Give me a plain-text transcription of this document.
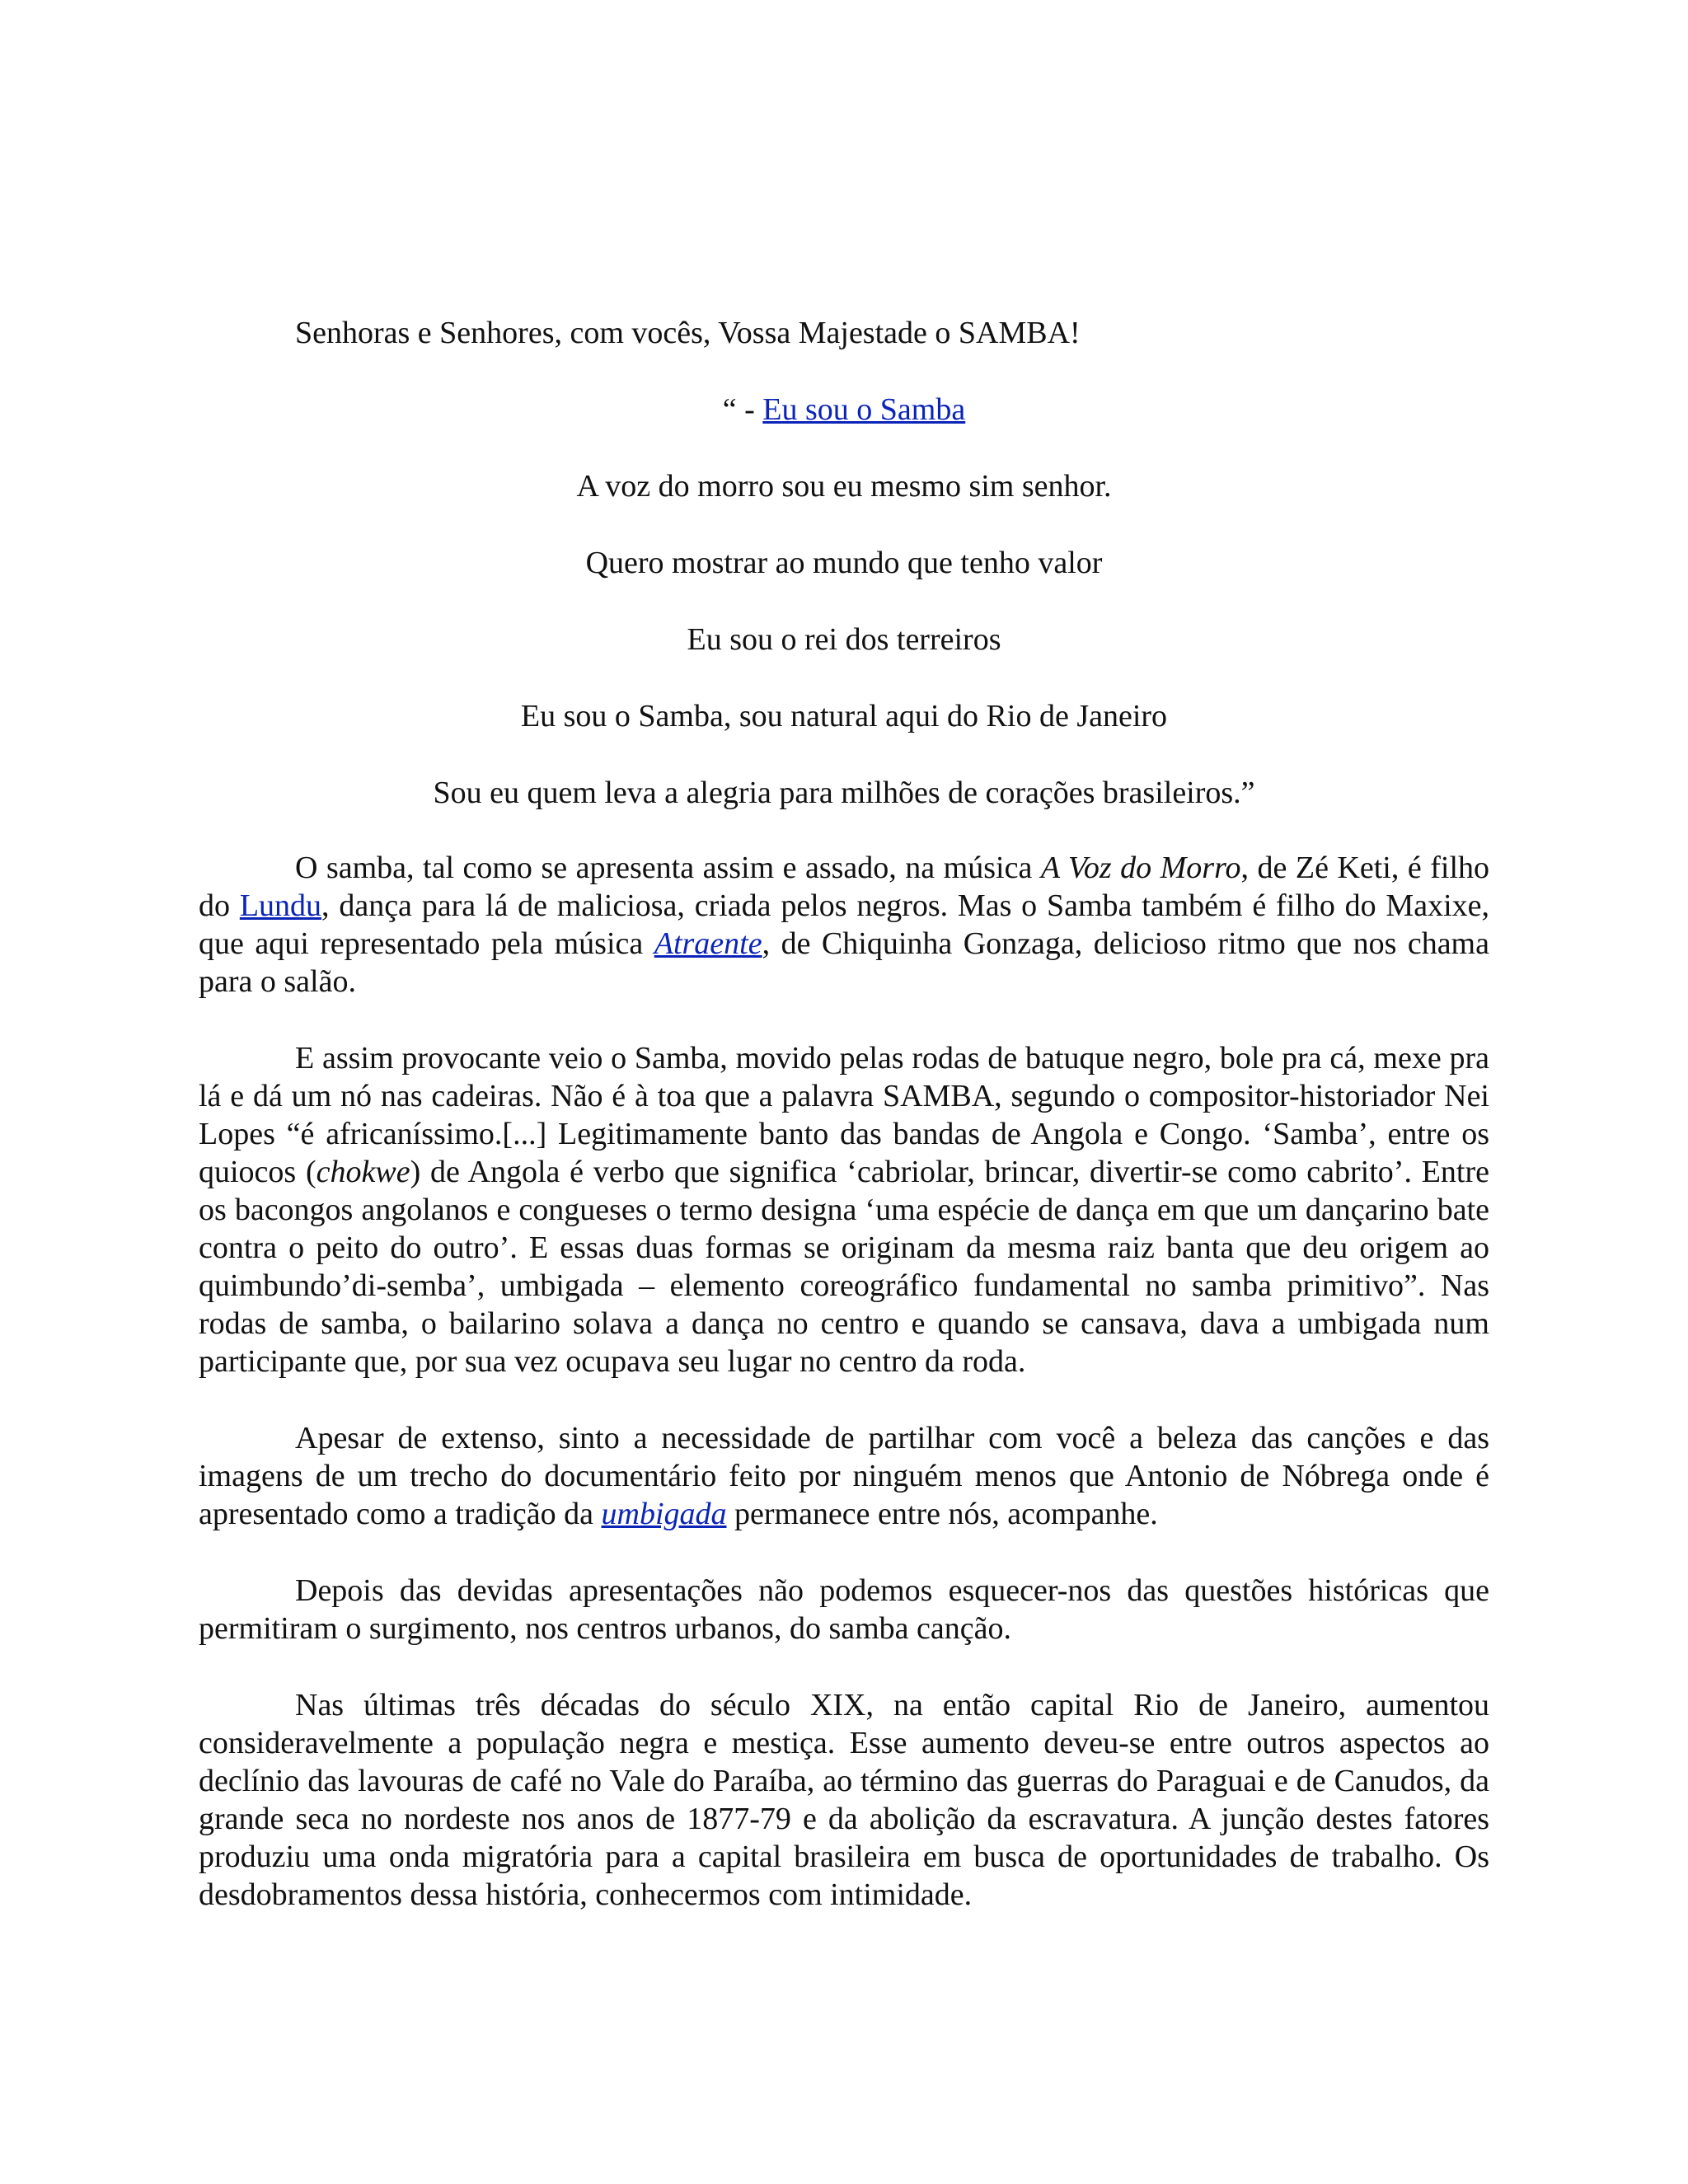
Senhoras e Senhores, com vocês, Vossa Majestade o SAMBA!

“ - Eu sou o Samba

A voz do morro sou eu mesmo sim senhor.

Quero mostrar ao mundo que tenho valor

Eu sou o rei dos terreiros

Eu sou o Samba, sou natural aqui do Rio de Janeiro

Sou eu quem leva a alegria para milhões de corações brasileiros.”

O samba, tal como se apresenta assim e assado, na música A Voz do Morro, de Zé Keti, é filho do Lundu, dança para lá de maliciosa, criada pelos negros. Mas o Samba também é filho do Maxixe, que aqui representado pela música Atraente, de Chiquinha Gonzaga, delicioso ritmo que nos chama para o salão.

E assim provocante veio o Samba, movido pelas rodas de batuque negro, bole pra cá, mexe pra lá e dá um nó nas cadeiras. Não é à toa que a palavra SAMBA, segundo o compositor-historiador Nei Lopes “é africaníssimo.[...] Legitimamente banto das bandas de Angola e Congo. ‘Samba’, entre os quiocos (chokwe) de Angola é verbo que significa ‘cabriolar, brincar, divertir-se como cabrito’. Entre os bacongos angolanos e congueses o termo designa ‘uma espécie de dança em que um dançarino bate contra o peito do outro’. E essas duas formas se originam da mesma raiz banta que deu origem ao quimbundo’di-semba’, umbigada – elemento coreográfico fundamental no samba primitivo”. Nas rodas de samba, o bailarino solava a dança no centro e quando se cansava, dava a umbigada num participante que, por sua vez ocupava seu lugar no centro da roda.

Apesar de extenso, sinto a necessidade de partilhar com você a beleza das canções e das imagens de um trecho do documentário feito por ninguém menos que Antonio de Nóbrega onde é apresentado como a tradição da umbigada permanece entre nós, acompanhe.

Depois das devidas apresentações não podemos esquecer-nos das questões históricas que permitiram o surgimento, nos centros urbanos, do samba canção.

Nas últimas três décadas do século XIX, na então capital Rio de Janeiro, aumentou consideravelmente a população negra e mestiça. Esse aumento deveu-se entre outros aspectos ao declínio das lavouras de café no Vale do Paraíba, ao término das guerras do Paraguai e de Canudos, da grande seca no nordeste nos anos de 1877-79 e da abolição da escravatura. A junção destes fatores produziu uma onda migratória para a capital brasileira em busca de oportunidades de trabalho. Os desdobramentos dessa história, conhecermos com intimidade.
